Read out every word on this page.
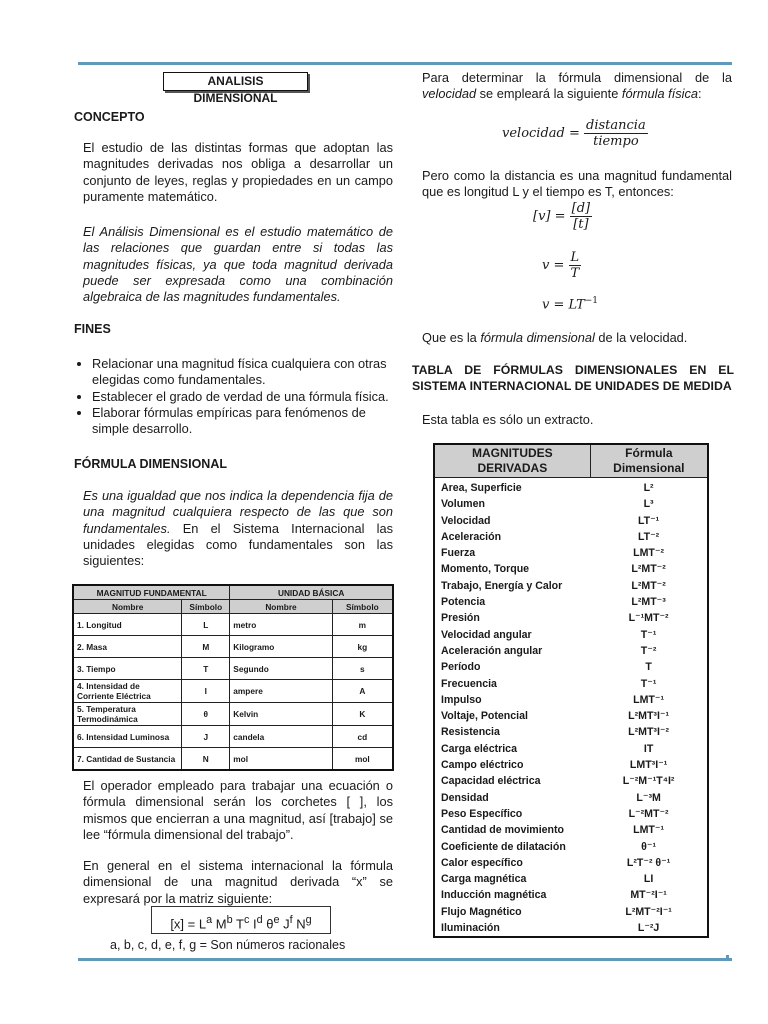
ANALISIS DIMENSIONAL
CONCEPTO
El estudio de las distintas formas que adoptan las magnitudes derivadas nos obliga a desarrollar un conjunto de leyes, reglas y propiedades en un campo puramente matemático.
El Análisis Dimensional es el estudio matemático de las relaciones que guardan entre si todas las magnitudes físicas, ya que toda magnitud derivada puede ser expresada como una combinación algebraica de las magnitudes fundamentales.
FINES
• Relacionar una magnitud física cualquiera con otras elegidas como fundamentales.
• Establecer el grado de verdad de una fórmula física.
• Elaborar fórmulas empíricas para fenómenos de simple desarrollo.
FÓRMULA DIMENSIONAL
Es una igualdad que nos indica la dependencia fija de una magnitud cualquiera respecto de las que son fundamentales. En el Sistema Internacional las unidades elegidas como fundamentales son las siguientes:
MAGNITUD FUNDAMENTAL		UNIDAD BÁSICA	
Nombre	Símbolo	Nombre	Símbolo
1. Longitud	L	metro	m
2. Masa	M	Kilogramo	kg
3. Tiempo	T	Segundo	s
4. Intensidad de Corriente Eléctrica	I	ampere	A
5. Temperatura Termodinámica	θ	Kelvin	K
6. Intensidad Luminosa	J	candela	cd
7. Cantidad de Sustancia	N	mol	mol
El operador empleado para trabajar una ecuación o fórmula dimensional serán los corchetes [ ], los mismos que encierran a una magnitud, así [trabajo] se lee “fórmula dimensional del trabajo”.
En general en el sistema internacional la fórmula dimensional de una magnitud derivada “x” se expresará por la matriz siguiente:
$[x] = L^a$ $M^b$ $T^c$ $I^d$ $\theta^e$ $J^f$ $N^g$
a, b, c, d, e, f, g = Son números racionales
Para determinar la fórmula dimensional de la velocidad se empleará la siguiente fórmula física:
velocidad = $\frac{\text{distancia}}{\text{tiempo}}$
Pero como la distancia es una magnitud fundamental que es longitud L y el tiempo es T, entonces:
$[v] = \frac{[d]}{[t]}$
$v = \frac{L}{T}$
$v = LT^{-1}$
Que es la fórmula dimensional de la velocidad.
TABLA DE FÓRMULAS DIMENSIONALES EN EL SISTEMA INTERNACIONAL DE UNIDADES DE MEDIDA
Esta tabla es sólo un extracto.
MAGNITUDES DERIVADAS	Fórmula Dimensional
Area, Superficie	L²
Volumen	L³
Velocidad	LT⁻¹
Aceleración	LT⁻²
Fuerza	LMT⁻²
Momento, Torque	L²MT⁻²
Trabajo, Energía y Calor	L²MT⁻²
Potencia	L²MT⁻³
Presión	L⁻¹MT⁻²
Velocidad angular	T⁻¹
Aceleración angular	T⁻²
Período	T
Frecuencia	T⁻¹
Impulso	LMT⁻¹
Voltaje, Potencial	L²MT³I⁻¹
Resistencia	L²MT³I⁻²
Carga eléctrica	IT
Campo eléctrico	LMT³I⁻¹
Capacidad eléctrica	L⁻²M⁻¹T⁴I²
Densidad	L⁻³M
Peso Específico	L⁻²MT⁻²
Cantidad de movimiento	LMT⁻¹
Coeficiente de dilatación	θ⁻¹
Calor específico	L²T⁻² θ⁻¹
Carga magnética	LI
Inducción magnética	MT⁻²I⁻¹
Flujo Magnético	L²MT⁻²I⁻¹
Iluminación	L⁻²J
